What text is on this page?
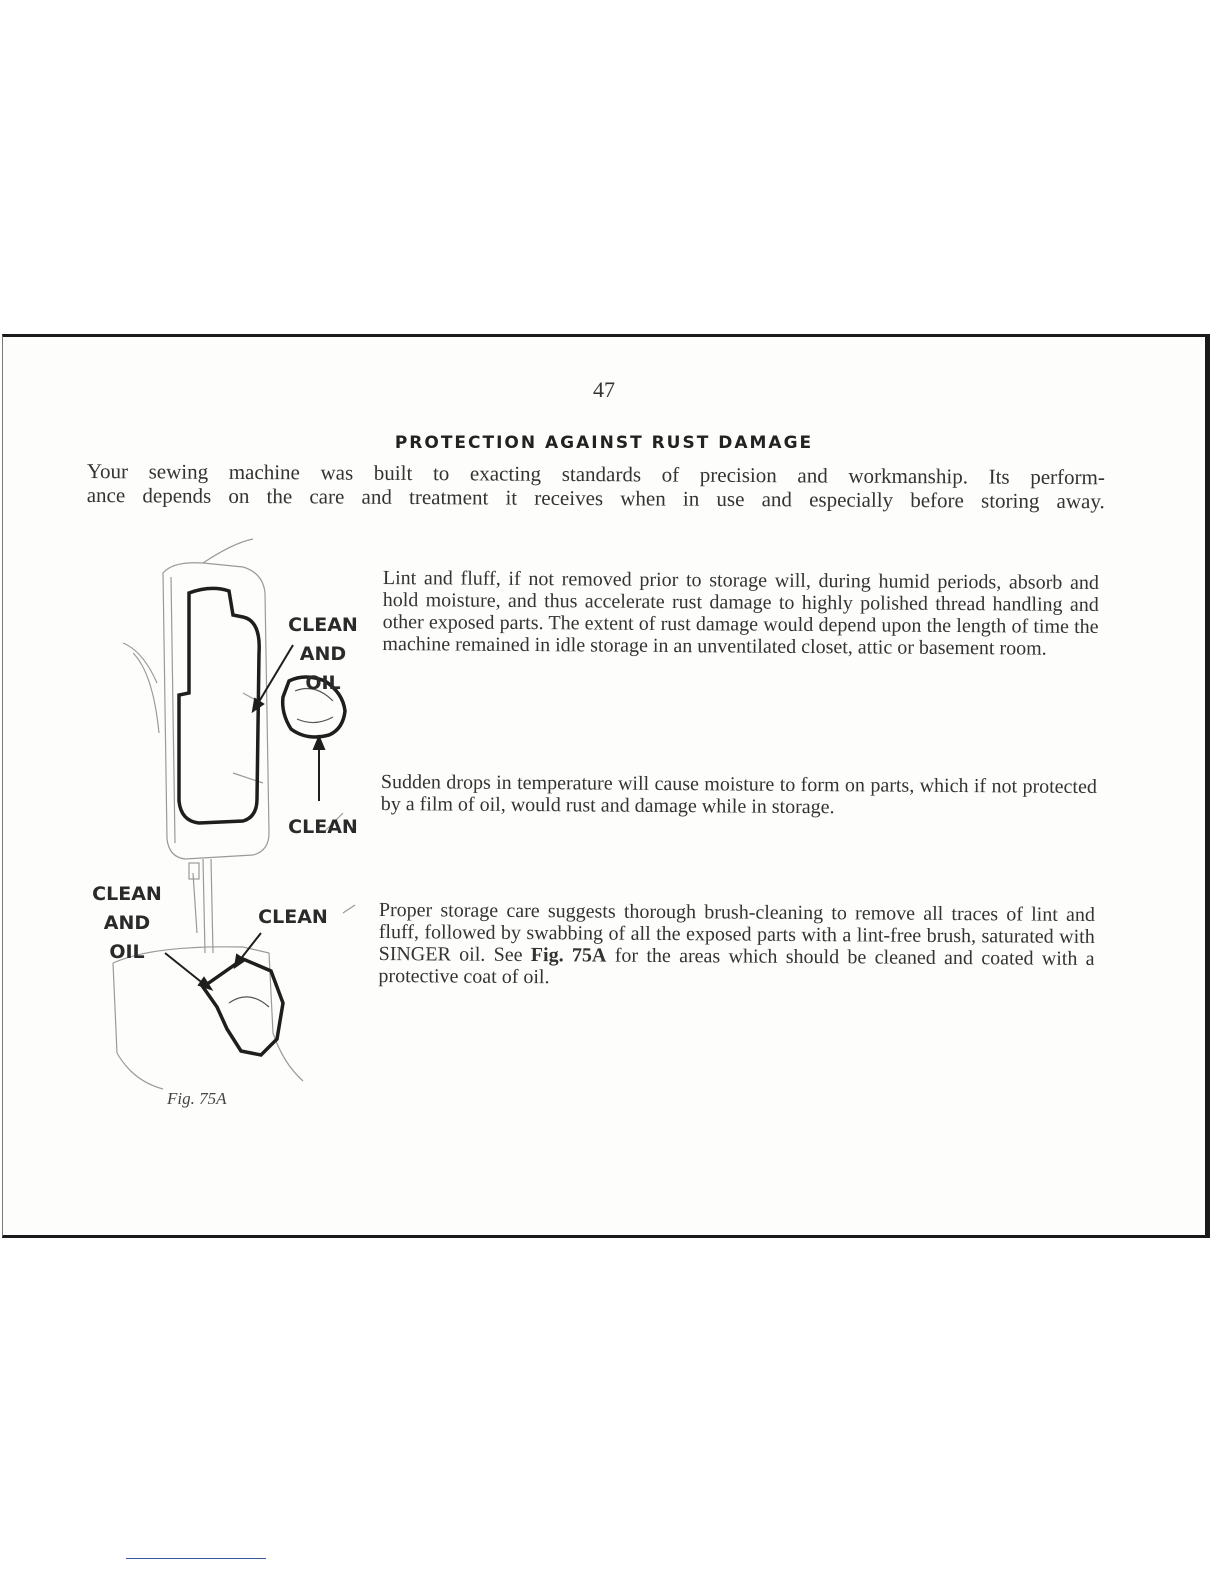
47
PROTECTION AGAINST RUST DAMAGE
Your sewing machine was built to exacting standards of precision and workmanship. Its perform-
ance depends on the care and treatment it receives when in use and especially before storing away.
CLEAN
AND
OIL
CLEAN
CLEAN
AND
OIL
CLEAN
Fig. 75A
Lint and fluff, if not removed prior to storage will, during humid periods, absorb and hold moisture, and thus accelerate rust damage to highly polished thread handling and other exposed parts. The extent of rust damage would depend upon the length of time the machine remained in idle storage in an unventilated closet, attic or basement room.
Sudden drops in temperature will cause moisture to form on parts, which if not protected by a film of oil, would rust and damage while in storage.
Proper storage care suggests thorough brush-cleaning to remove all traces of lint and fluff, followed by swabbing of all the exposed parts with a lint-free brush, saturated with SINGER oil. See Fig. 75A for the areas which should be cleaned and coated with a protective coat of oil.
